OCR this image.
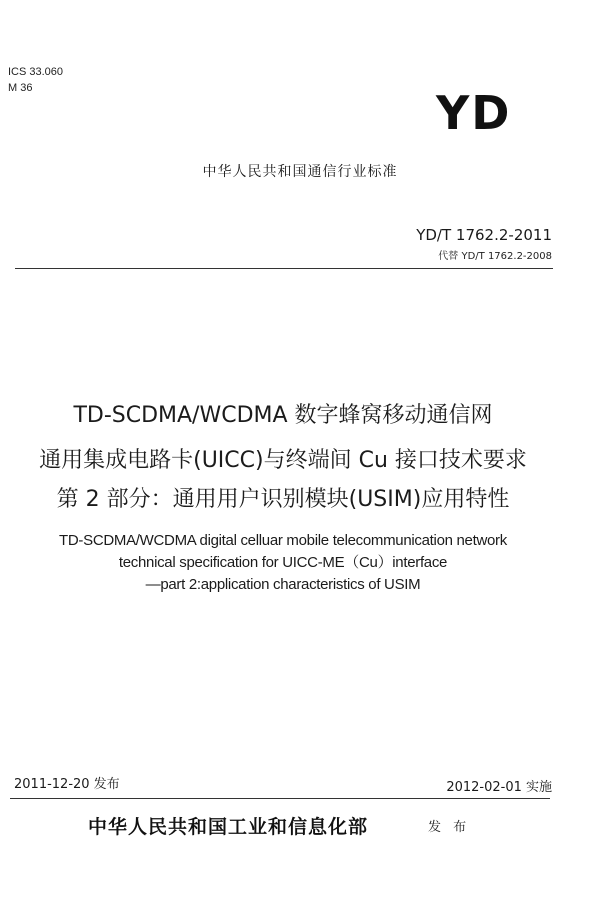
ICS 33.060
M 36	YD
中华人民共和国通信行业标准
YD/T 1762.2-2011
代替 YD/T 1762.2-2008
TD-SCDMA/WCDMA 数字蜂窝移动通信网
通用集成电路卡(UICC)与终端间 Cu 接口技术要求
第 2 部分：通用用户识别模块(USIM)应用特性
TD-SCDMA/WCDMA digital celluar mobile telecommunication network
technical specification for UICC-ME（Cu）interface
—part 2:application characteristics of USIM
2011-12-20 发布	2012-02-01 实施
中华人民共和国工业和信息化部	发 布
